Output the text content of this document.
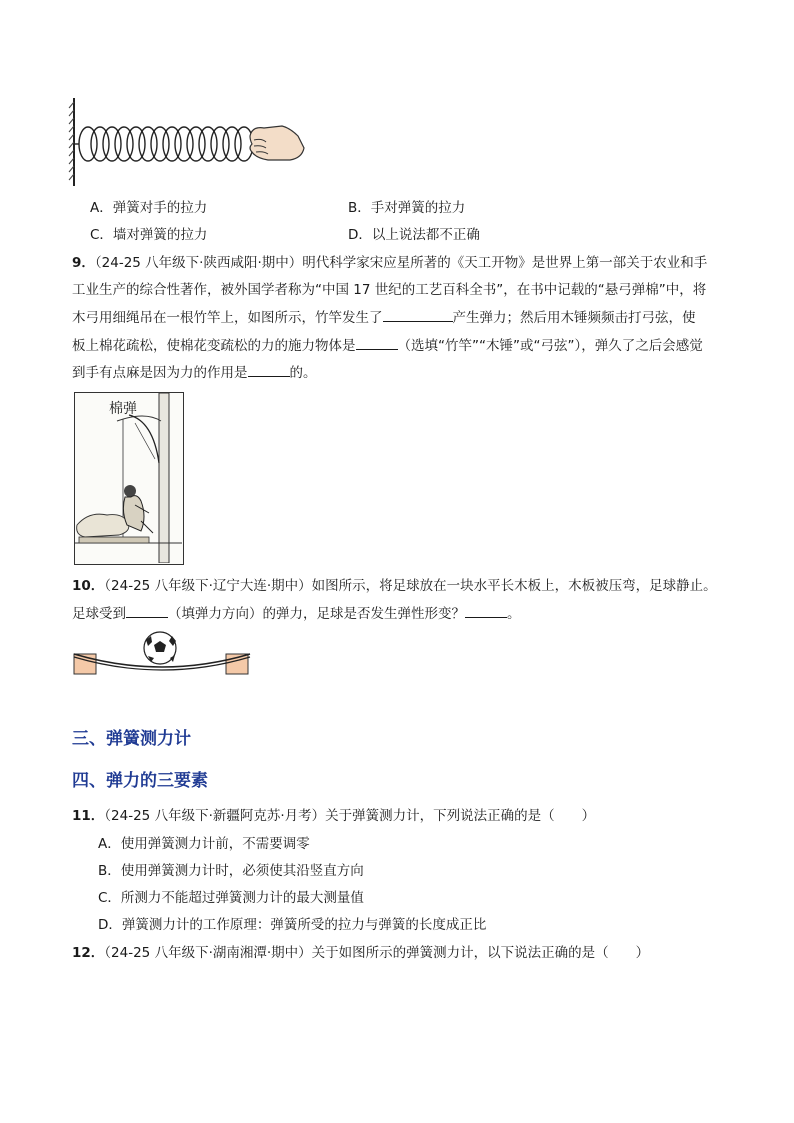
A．弹簧对手的拉力	B．手对弹簧的拉力
C．墙对弹簧的拉力	D．以上说法都不正确
9．（24-25 八年级下·陕西咸阳·期中）明代科学家宋应星所著的《天工开物》是世界上第一部关于农业和手
工业生产的综合性著作，被外国学者称为“中国 17 世纪的工艺百科全书”，在书中记载的“悬弓弹棉”中，将
木弓用细绳吊在一根竹竿上，如图所示，竹竿发生了	产生弹力；然后用木锤频频击打弓弦，使
板上棉花疏松，使棉花变疏松的力的施力物体是	（选填“竹竿”“木锤”或“弓弦”），弹久了之后会感觉
到手有点麻是因为力的作用是	的。
棉弹
10．（24-25 八年级下·辽宁大连·期中）如图所示，将足球放在一块水平长木板上，木板被压弯，足球静止。
足球受到	（填弹力方向）的弹力，足球是否发生弹性形变？	。
三、弹簧测力计
四、弹力的三要素
11．（24-25 八年级下·新疆阿克苏·月考）关于弹簧测力计，下列说法正确的是（　　）
A．使用弹簧测力计前，不需要调零
B．使用弹簧测力计时，必须使其沿竖直方向
C．所测力不能超过弹簧测力计的最大测量值
D．弹簧测力计的工作原理：弹簧所受的拉力与弹簧的长度成正比
12．（24-25 八年级下·湖南湘潭·期中）关于如图所示的弹簧测力计，以下说法正确的是（　　）
